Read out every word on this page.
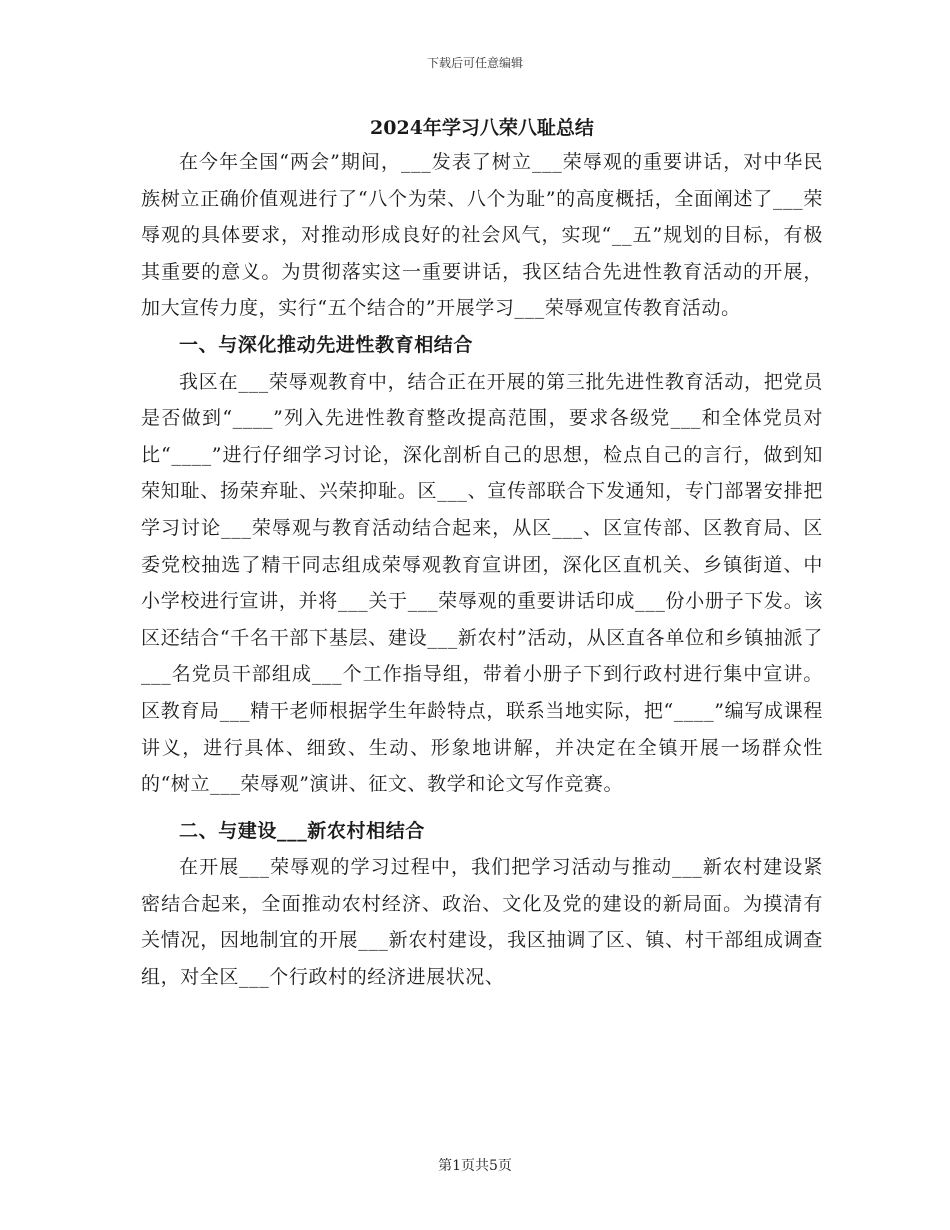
下载后可任意编辑
2024年学习八荣八耻总结

在今年全国“两会”期间，___发表了树立___荣辱观的重要讲话，对中华民族树立正确价值观进行了“八个为荣、八个为耻”的高度概括，全面阐述了___荣辱观的具体要求，对推动形成良好的社会风气，实现“__五”规划的目标，有极其重要的意义。为贯彻落实这一重要讲话，我区结合先进性教育活动的开展，加大宣传力度，实行“五个结合的”开展学习___荣辱观宣传教育活动。

一、与深化推动先进性教育相结合

我区在___荣辱观教育中，结合正在开展的第三批先进性教育活动，把党员是否做到“____”列入先进性教育整改提高范围，要求各级党___和全体党员对比“____”进行仔细学习讨论，深化剖析自己的思想，检点自己的言行，做到知荣知耻、扬荣弃耻、兴荣抑耻。区___、宣传部联合下发通知，专门部署安排把学习讨论___荣辱观与教育活动结合起来，从区___、区宣传部、区教育局、区委党校抽选了精干同志组成荣辱观教育宣讲团，深化区直机关、乡镇街道、中小学校进行宣讲，并将___关于___荣辱观的重要讲话印成___份小册子下发。该区还结合“千名干部下基层、建设___新农村”活动，从区直各单位和乡镇抽派了___名党员干部组成___个工作指导组，带着小册子下到行政村进行集中宣讲。区教育局___精干老师根据学生年龄特点，联系当地实际，把“____”编写成课程讲义，进行具体、细致、生动、形象地讲解，并决定在全镇开展一场群众性的“树立___荣辱观”演讲、征文、教学和论文写作竞赛。

二、与建设___新农村相结合

在开展___荣辱观的学习过程中，我们把学习活动与推动___新农村建设紧密结合起来，全面推动农村经济、政治、文化及党的建设的新局面。为摸清有关情况，因地制宜的开展___新农村建设，我区抽调了区、镇、村干部组成调查组，对全区___个行政村的经济进展状况、

第1页共5页
